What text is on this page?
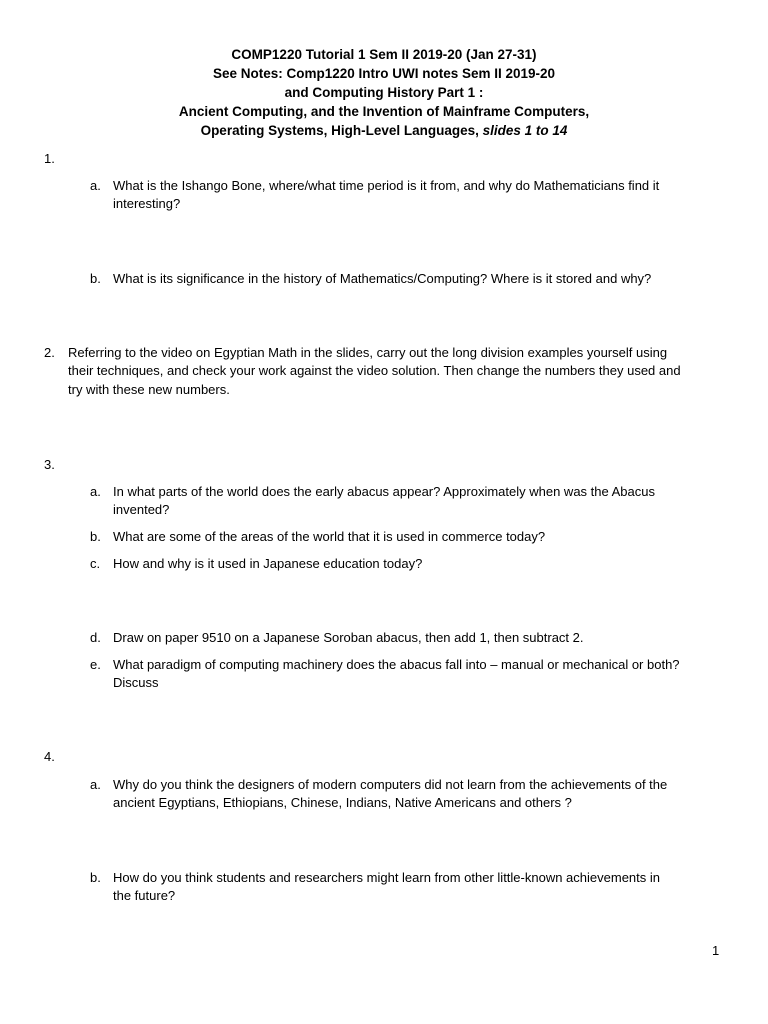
COMP1220 Tutorial 1 Sem II 2019-20 (Jan 27-31)
See Notes: Comp1220 Intro UWI notes Sem II 2019-20
and Computing History Part 1 :
Ancient Computing, and the Invention of Mainframe Computers,
Operating Systems, High-Level Languages, slides 1 to 14
1.
a. What is the Ishango Bone, where/what time period is it from, and why do Mathematicians find it
interesting?
b. What is its significance in the history of Mathematics/Computing? Where is it stored and why?
2. Referring to the video on Egyptian Math in the slides, carry out the long division examples yourself using
their techniques, and check your work against the video solution. Then change the numbers they used and
try with these new numbers.
3.
a. In what parts of the world does the early abacus appear? Approximately when was the Abacus
invented?
b. What are some of the areas of the world that it is used in commerce today?
c. How and why is it used in Japanese education today?
d. Draw on paper 9510 on a Japanese Soroban abacus, then add 1, then subtract 2.
e. What paradigm of computing machinery does the abacus fall into – manual or mechanical or both?
Discuss
4.
a. Why do you think the designers of modern computers did not learn from the achievements of the
ancient Egyptians, Ethiopians, Chinese, Indians, Native Americans and others ?
b. How do you think students and researchers might learn from other little-known achievements in
the future?
1
